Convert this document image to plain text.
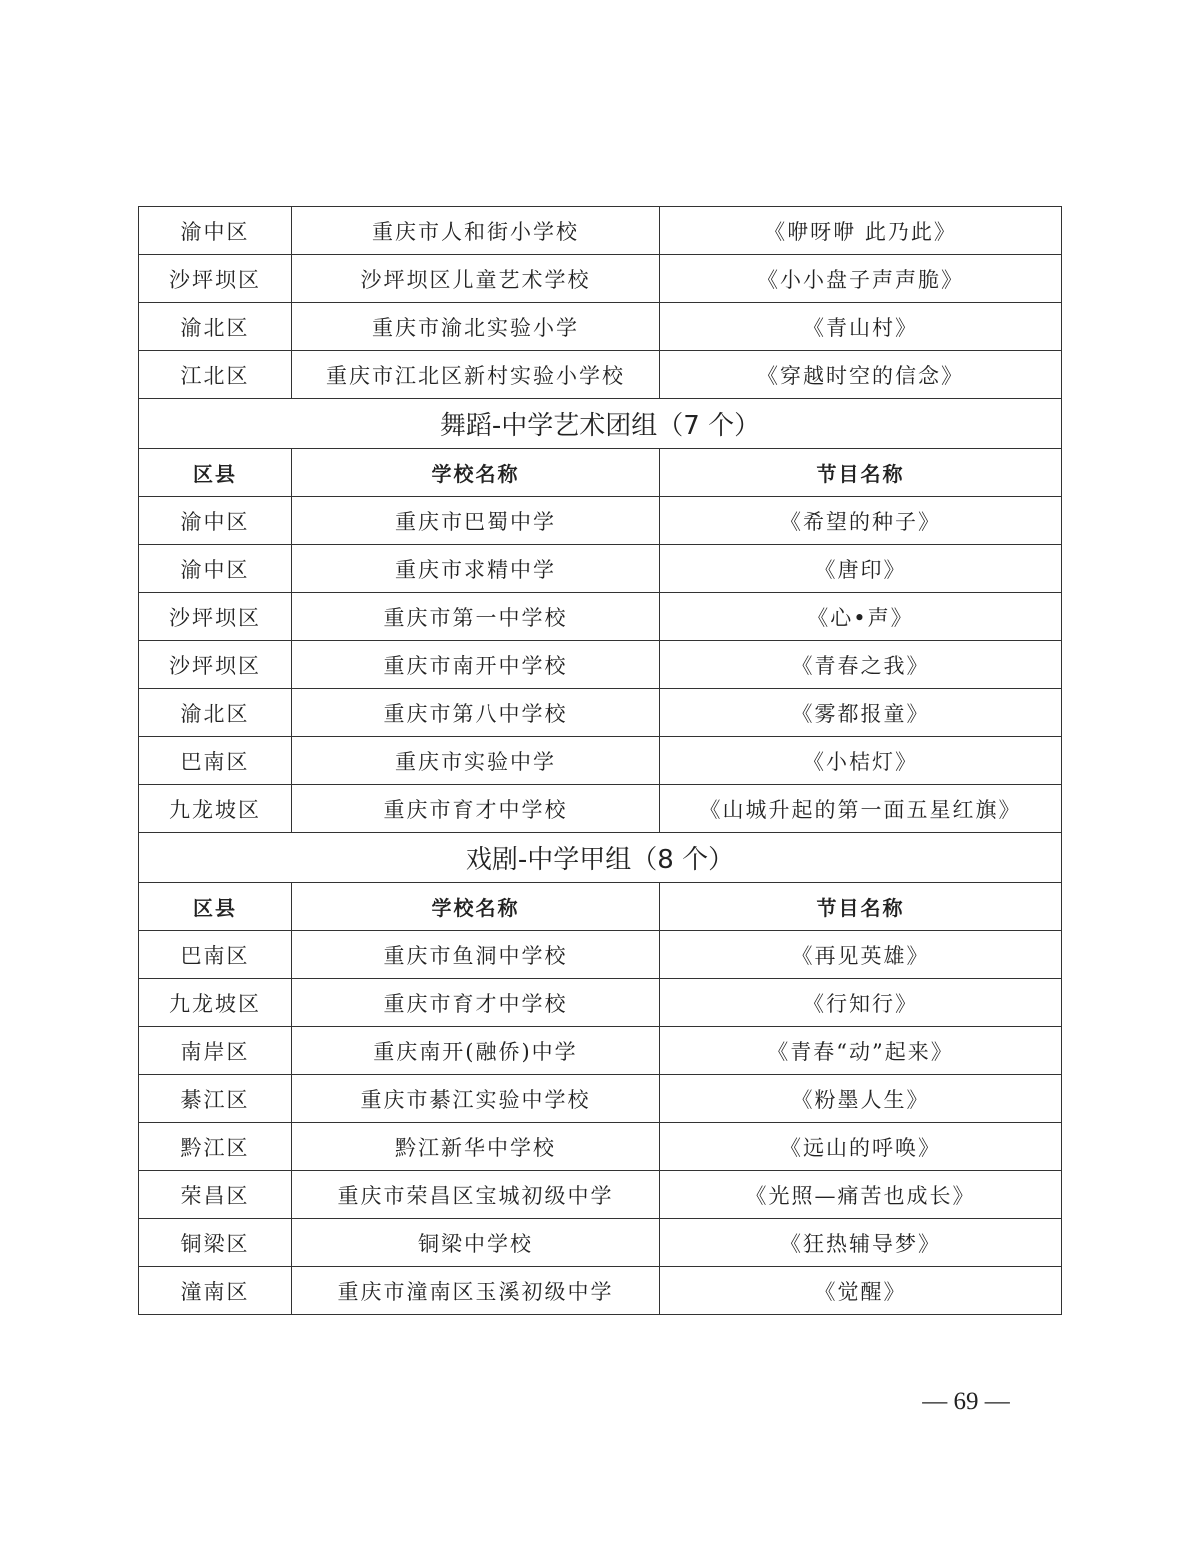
渝中区	重庆市人和街小学校	《咿呀咿 此乃此》
沙坪坝区	沙坪坝区儿童艺术学校	《小小盘子声声脆》
渝北区	重庆市渝北实验小学	《青山村》
江北区	重庆市江北区新村实验小学校	《穿越时空的信念》
舞蹈-中学艺术团组（7 个）		
区县	学校名称	节目名称
渝中区	重庆市巴蜀中学	《希望的种子》
渝中区	重庆市求精中学	《唐印》
沙坪坝区	重庆市第一中学校	《心•声》
沙坪坝区	重庆市南开中学校	《青春之我》
渝北区	重庆市第八中学校	《雾都报童》
巴南区	重庆市实验中学	《小桔灯》
九龙坡区	重庆市育才中学校	《山城升起的第一面五星红旗》
戏剧-中学甲组（8 个）		
区县	学校名称	节目名称
巴南区	重庆市鱼洞中学校	《再见英雄》
九龙坡区	重庆市育才中学校	《行知行》
南岸区	重庆南开(融侨)中学	《青春“动”起来》
綦江区	重庆市綦江实验中学校	《粉墨人生》
黔江区	黔江新华中学校	《远山的呼唤》
荣昌区	重庆市荣昌区宝城初级中学	《光照—痛苦也成长》
铜梁区	铜梁中学校	《狂热辅导梦》
潼南区	重庆市潼南区玉溪初级中学	《觉醒》
— 69 —
